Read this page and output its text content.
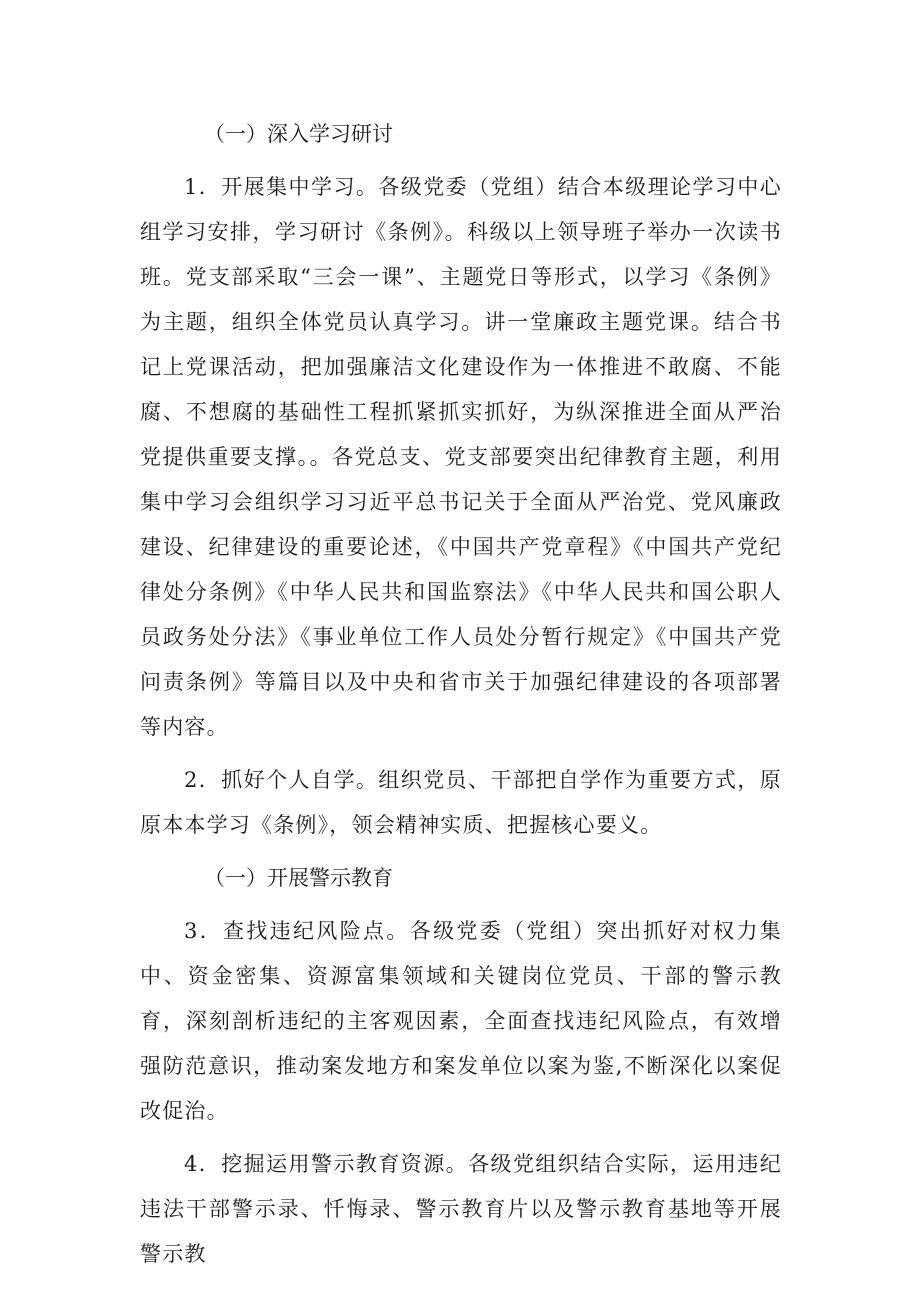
（一）深入学习研讨

1．开展集中学习。各级党委（党组）结合本级理论学习中心组学习安排，学习研讨《条例》。科级以上领导班子举办一次读书班。党支部采取“三会一课”、主题党日等形式，以学习《条例》为主题，组织全体党员认真学习。讲一堂廉政主题党课。结合书记上党课活动，把加强廉洁文化建设作为一体推进不敢腐、不能腐、不想腐的基础性工程抓紧抓实抓好，为纵深推进全面从严治党提供重要支撑。。各党总支、党支部要突出纪律教育主题，利用集中学习会组织学习习近平总书记关于全面从严治党、党风廉政建设、纪律建设的重要论述，《中国共产党章程》《中国共产党纪律处分条例》《中华人民共和国监察法》《中华人民共和国公职人员政务处分法》《事业单位工作人员处分暂行规定》《中国共产党问责条例》等篇目以及中央和省市关于加强纪律建设的各项部署等内容。

2．抓好个人自学。组织党员、干部把自学作为重要方式，原原本本学习《条例》，领会精神实质、把握核心要义。

（一）开展警示教育

3．查找违纪风险点。各级党委（党组）突出抓好对权力集中、资金密集、资源富集领域和关键岗位党员、干部的警示教育，深刻剖析违纪的主客观因素，全面查找违纪风险点，有效增强防范意识，推动案发地方和案发单位以案为鉴,不断深化以案促改促治。

4．挖掘运用警示教育资源。各级党组织结合实际，运用违纪违法干部警示录、忏悔录、警示教育片以及警示教育基地等开展警示教
